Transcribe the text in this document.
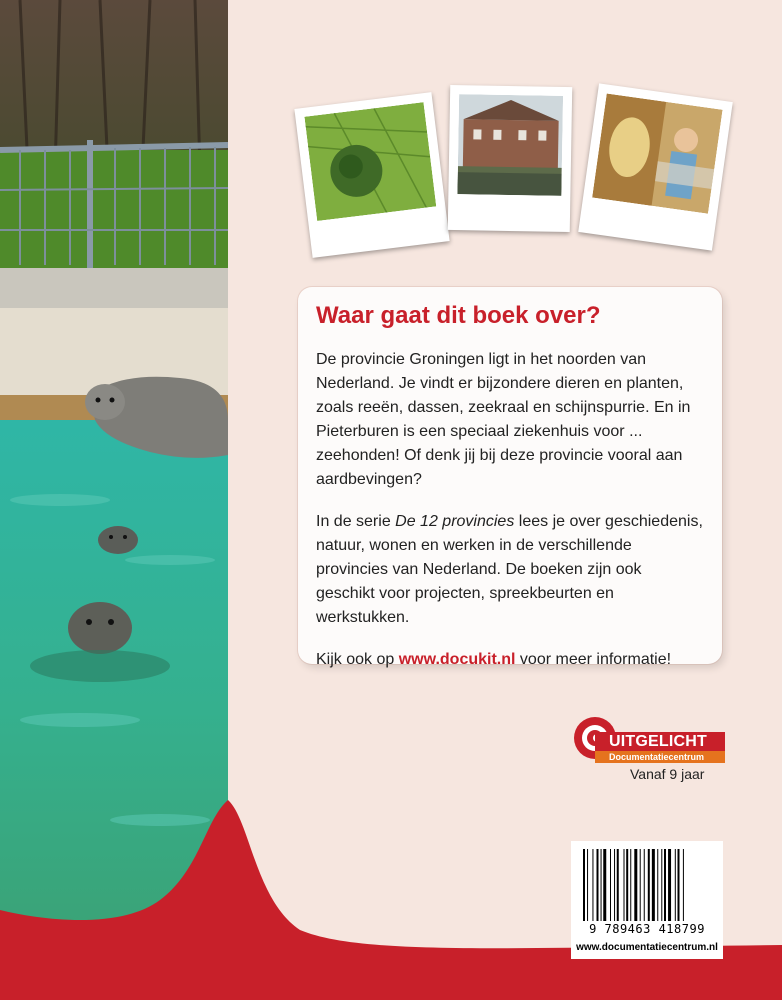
Waar gaat dit boek over?

De provincie Groningen ligt in het noorden van Nederland. Je vindt er bijzondere dieren en planten, zoals reeën, dassen, zeekraal en schijnspurrie. En in Pieterburen is een speciaal ziekenhuis voor ... zeehonden! Of denk jij bij deze provincie vooral aan aardbevingen?

In de serie De 12 provincies lees je over geschiedenis, natuur, wonen en werken in de verschillende provincies van Nederland. De boeken zijn ook geschikt voor projecten, spreekbeurten en werkstukken.

Kijk ook op www.docukit.nl voor meer informatie!

UITGELICHT
Documentatiecentrum
Vanaf 9 jaar
9 789463 418799
www.documentatiecentrum.nl
